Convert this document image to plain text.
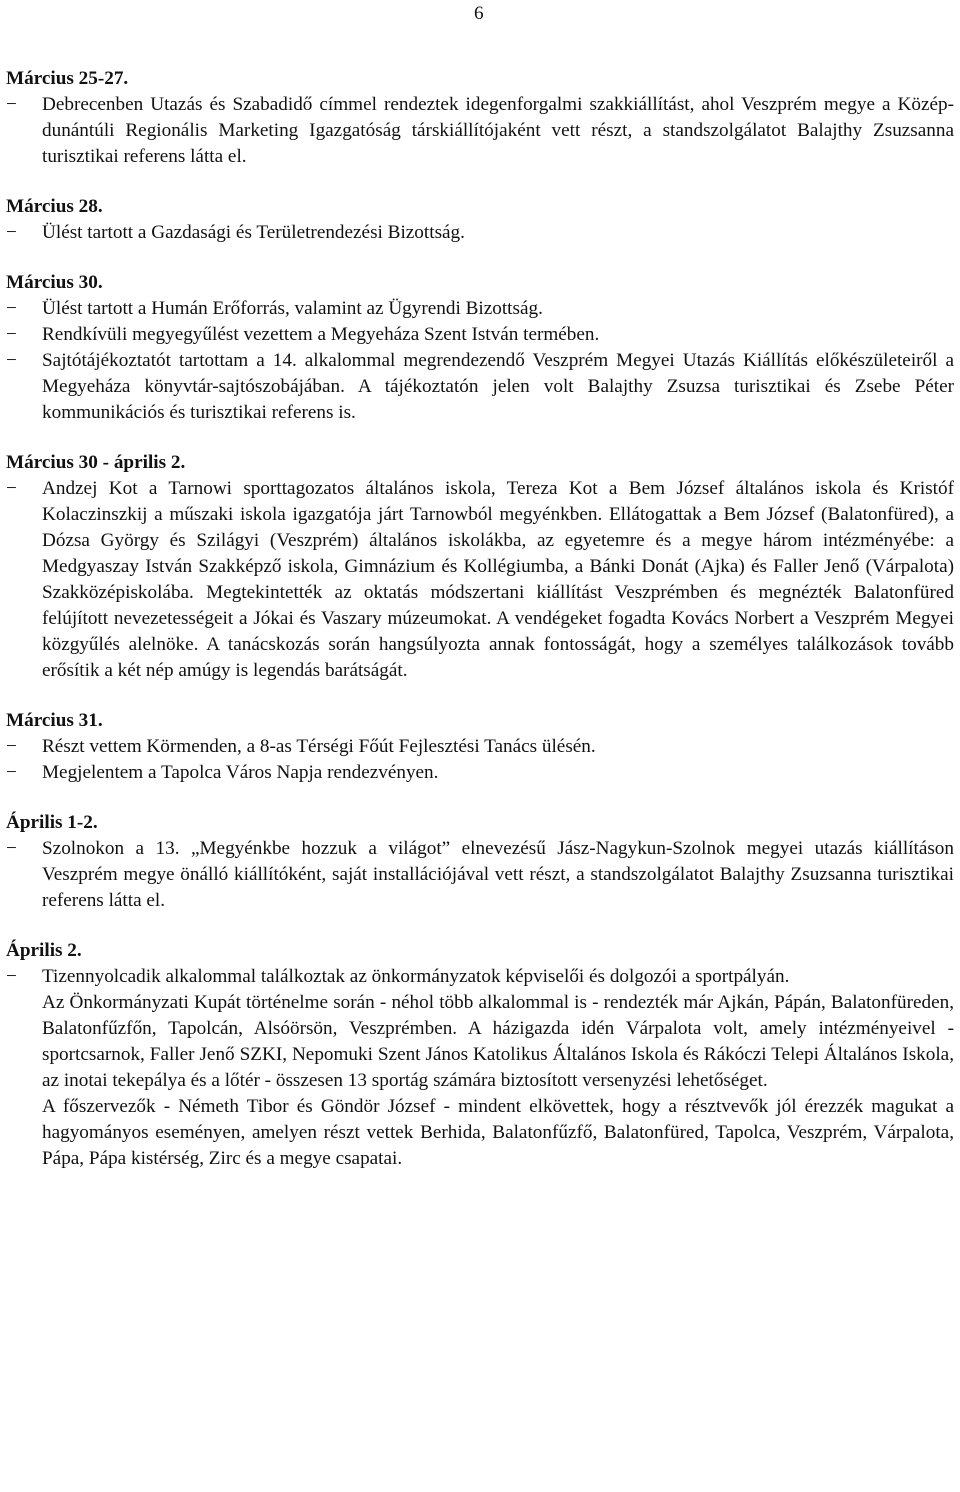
6
Március 25-27.
−	Debrecenben Utazás és Szabadidő címmel rendeztek idegenforgalmi szakkiállítást, ahol Veszprém megye a Közép-dunántúli Regionális Marketing Igazgatóság társkiállítójaként vett részt, a standszolgálatot Balajthy Zsuzsanna turisztikai referens látta el.

Március 28.
−	Ülést tartott a Gazdasági és Területrendezési Bizottság.

Március 30.
−	Ülést tartott a Humán Erőforrás, valamint az Ügyrendi Bizottság.

−	Rendkívüli megyegyűlést vezettem a Megyeháza Szent István termében.

−	Sajtótájékoztatót tartottam a 14. alkalommal megrendezendő Veszprém Megyei Utazás Kiállítás előkészületeiről a Megyeháza könyvtár-sajtószobájában. A tájékoztatón jelen volt Balajthy Zsuzsa turisztikai és Zsebe Péter kommunikációs és turisztikai referens is.

Március 30 - április 2.
−	Andzej Kot a Tarnowi sporttagozatos általános iskola, Tereza Kot a Bem József általános iskola és Kristóf Kolaczinszkij a műszaki iskola igazgatója járt Tarnowból megyénkben. Ellátogattak a Bem József (Balatonfüred), a Dózsa György és Szilágyi (Veszprém) általános iskolákba, az egyetemre és a megye három intézményébe: a Medgyaszay István Szakképző iskola, Gimnázium és Kollégiumba, a Bánki Donát (Ajka) és Faller Jenő (Várpalota) Szakközépiskolába. Megtekintették az oktatás módszertani kiállítást Veszprémben és megnézték Balatonfüred felújított nevezetességeit a Jókai és Vaszary múzeumokat. A vendégeket fogadta Kovács Norbert a Veszprém Megyei közgyűlés alelnöke. A tanácskozás során hangsúlyozta annak fontosságát, hogy a személyes találkozások tovább erősítik a két nép amúgy is legendás barátságát.

Március 31.
−	Részt vettem Körmenden, a 8-as Térségi Főút Fejlesztési Tanács ülésén.

−	Megjelentem a Tapolca Város Napja rendezvényen.

Április 1-2.
−	Szolnokon a 13. „Megyénkbe hozzuk a világot” elnevezésű Jász-Nagykun-Szolnok megyei utazás kiállításon Veszprém megye önálló kiállítóként, saját installációjával vett részt, a standszolgálatot Balajthy Zsuzsanna turisztikai referens látta el.

Április 2.
−	Tizennyolcadik alkalommal találkoztak az önkormányzatok képviselői és dolgozói a sportpályán.

Az Önkormányzati Kupát történelme során - néhol több alkalommal is - rendezték már Ajkán, Pápán, Balatonfüreden, Balatonfűzfőn, Tapolcán, Alsóörsön, Veszprémben. A házigazda idén Várpalota volt, amely intézményeivel - sportcsarnok, Faller Jenő SZKI, Nepomuki Szent János Katolikus Általános Iskola és Rákóczi Telepi Általános Iskola, az inotai tekepálya és a lőtér - összesen 13 sportág számára biztosított versenyzési lehetőséget.

A főszervezők - Németh Tibor és Göndör József - mindent elkövettek, hogy a résztvevők jól érezzék magukat a hagyományos eseményen, amelyen részt vettek Berhida, Balatonfűzfő, Balatonfüred, Tapolca, Veszprém, Várpalota, Pápa, Pápa kistérség, Zirc és a megye csapatai.
